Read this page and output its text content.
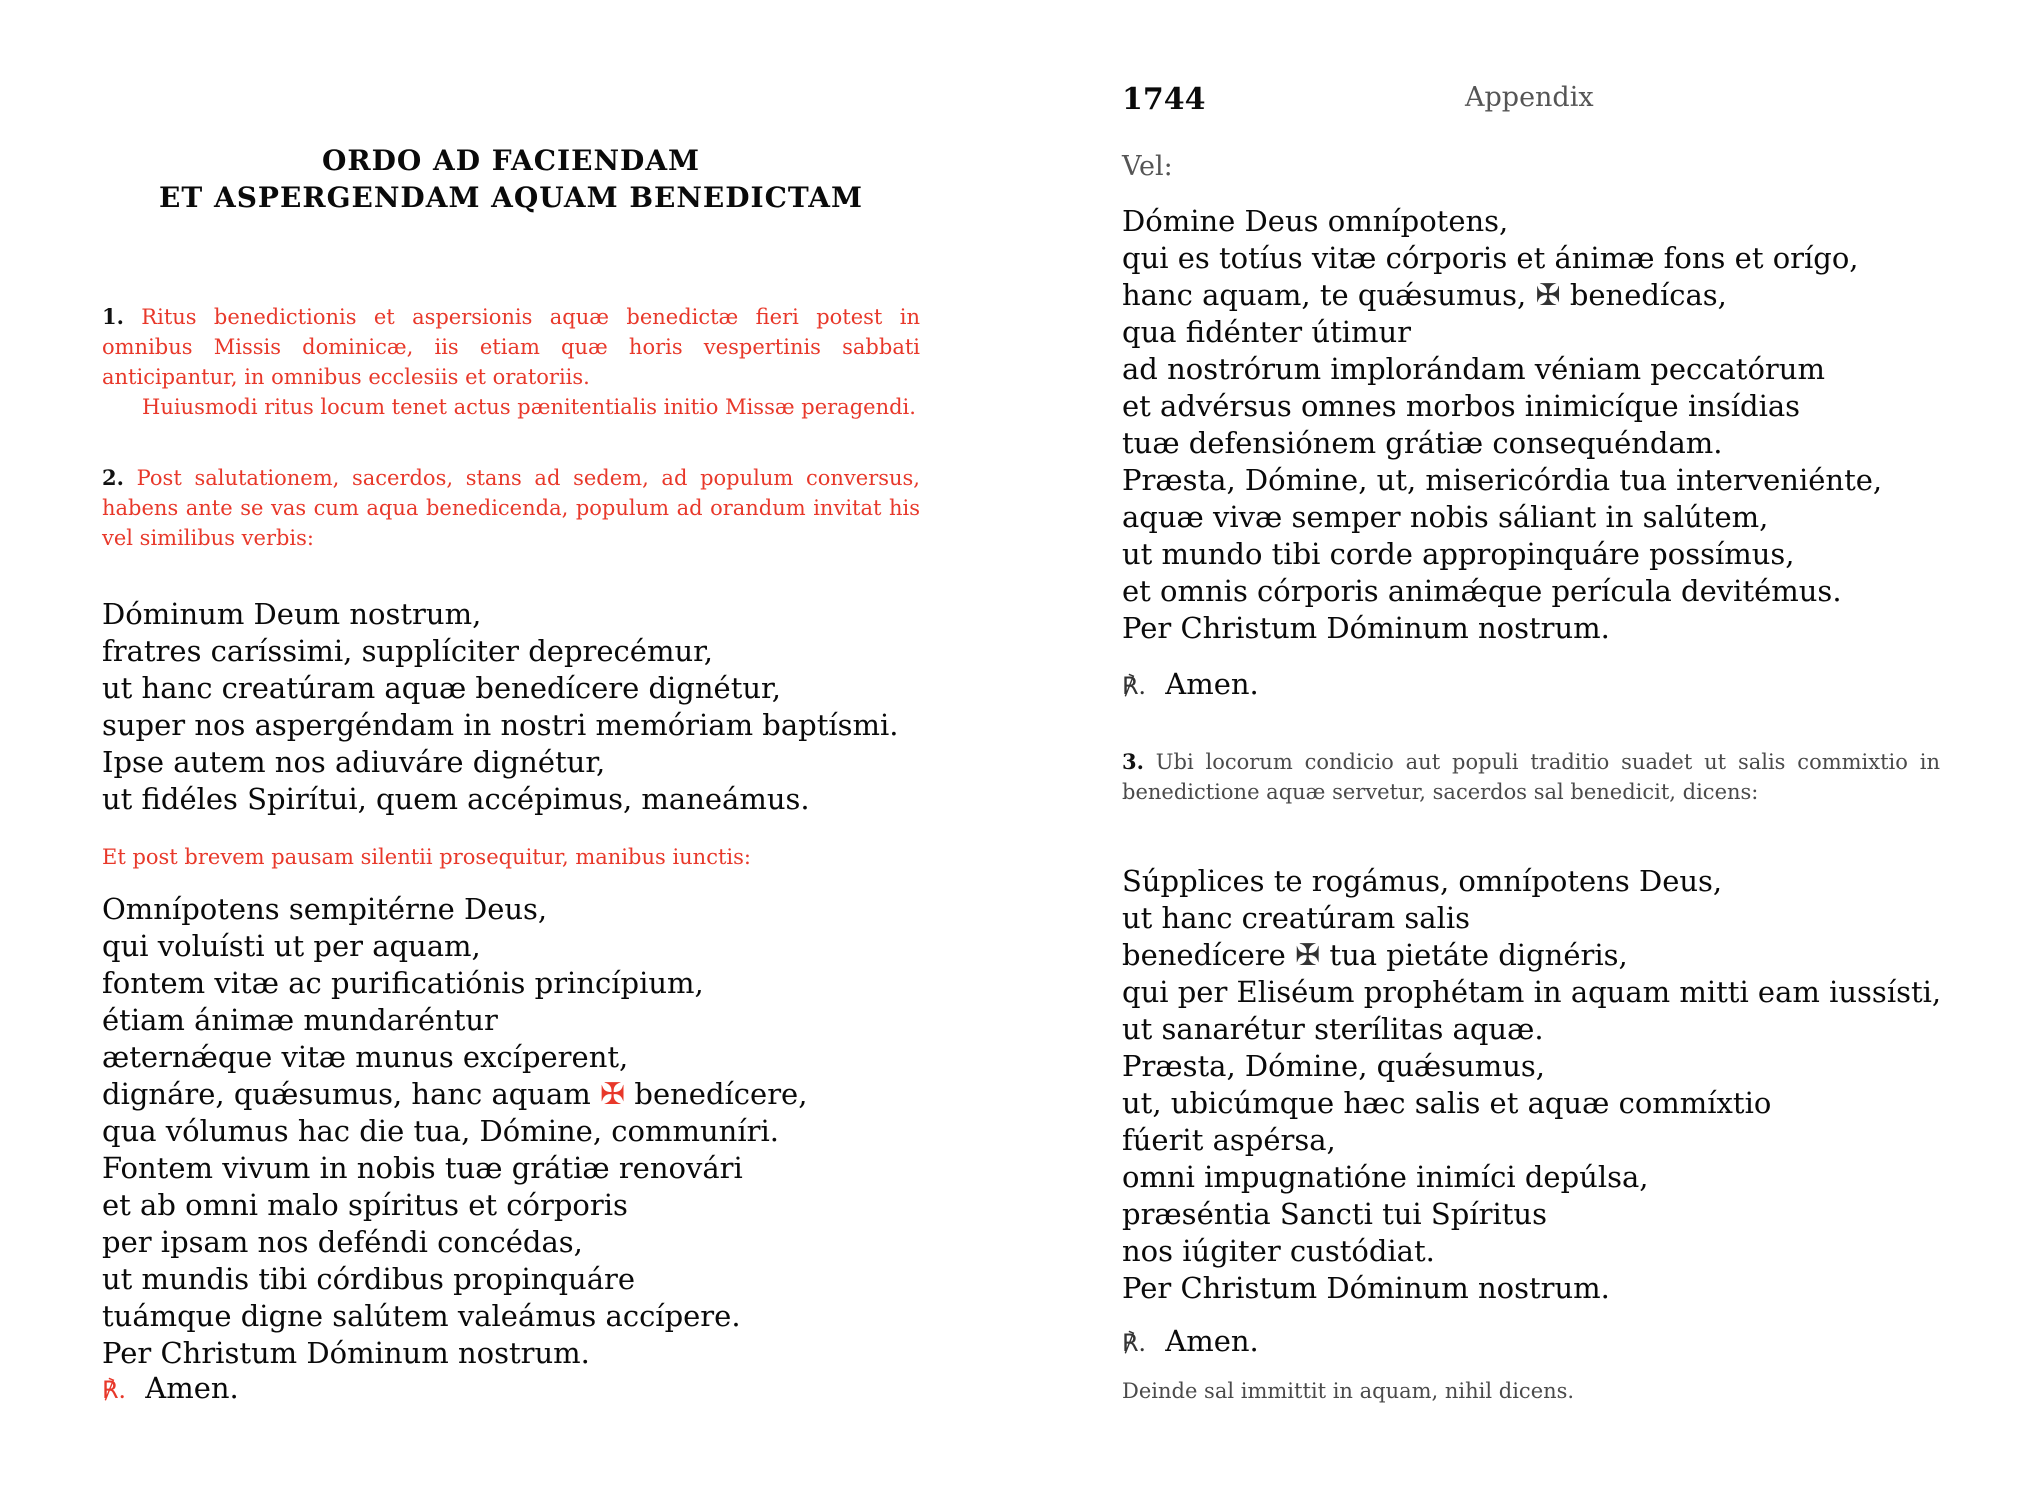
ORDO AD FACIENDAM
ET ASPERGENDAM AQUAM BENEDICTAM
1. Ritus benedictionis et aspersionis aquæ benedictæ fieri potest in omnibus Missis dominicæ, iis etiam quæ horis vespertinis sabbati anticipantur, in omnibus ecclesiis et oratoriis.
Huiusmodi ritus locum tenet actus pænitentialis initio Missæ peragendi.
2. Post salutationem, sacerdos, stans ad sedem, ad populum conversus, habens ante se vas cum aqua benedicenda, populum ad orandum invitat his vel similibus verbis:
Dóminum Deum nostrum,
fratres caríssimi, supplíciter deprecémur,
ut hanc creatúram aquæ benedícere dignétur,
super nos aspergéndam in nostri memóriam baptísmi.
Ipse autem nos adiuváre dignétur,
ut fidéles Spirítui, quem accépimus, maneámus.
Et post brevem pausam silentii prosequitur, manibus iunctis:
Omnípotens sempitérne Deus,
qui voluísti ut per aquam,
fontem vitæ ac purificatiónis princípium,
étiam ánimæ mundaréntur
æternǽque vitæ munus excíperent,
dignáre, quǽsumus, hanc aquam ✠ benedícere,
qua vólumus hac die tua, Dómine, communíri.
Fontem vivum in nobis tuæ grátiæ renovári
et ab omni malo spíritus et córporis
per ipsam nos deféndi concédas,
ut mundis tibi córdibus propinquáre
tuámque digne salútem valeámus accípere.
Per Christum Dóminum nostrum.
℟. Amen.
1744	Appendix
Vel:
Dómine Deus omnípotens,
qui es totíus vitæ córporis et ánimæ fons et orígo,
hanc aquam, te quǽsumus, ✠ benedícas,
qua fidénter útimur
ad nostrórum implorándam véniam peccatórum
et advérsus omnes morbos inimicíque insídias
tuæ defensiónem grátiæ consequéndam.
Præsta, Dómine, ut, misericórdia tua interveniénte,
aquæ vivæ semper nobis sáliant in salútem,
ut mundo tibi corde appropinquáre possímus,
et omnis córporis animǽque perícula devitémus.
Per Christum Dóminum nostrum.
℟. Amen.
3. Ubi locorum condicio aut populi traditio suadet ut salis commixtio in benedictione aquæ servetur, sacerdos sal benedicit, dicens:
Súpplices te rogámus, omnípotens Deus,
ut hanc creatúram salis
benedícere ✠ tua pietáte dignéris,
qui per Eliséum prophétam in aquam mitti eam iussísti,
ut sanarétur sterílitas aquæ.
Præsta, Dómine, quǽsumus,
ut, ubicúmque hæc salis et aquæ commíxtio
fúerit aspérsa,
omni impugnatióne inimíci depúlsa,
præséntia Sancti tui Spíritus
nos iúgiter custódiat.
Per Christum Dóminum nostrum.
℟. Amen.
Deinde sal immittit in aquam, nihil dicens.
